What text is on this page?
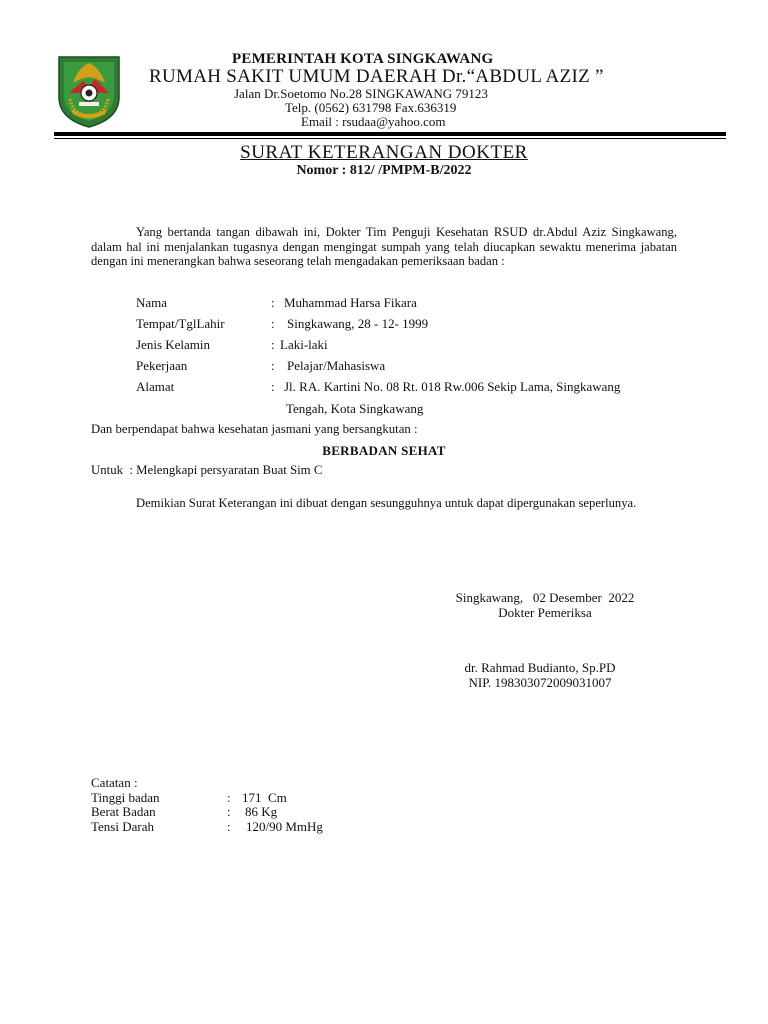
PEMERINTAH KOTA SINGKAWANG
RUMAH SAKIT UMUM DAERAH Dr.“ABDUL AZIZ ”
Jalan Dr.Soetomo No.28 SINGKAWANG 79123
Telp. (0562) 631798 Fax.636319
Email : rsudaa@yahoo.com
SURAT KETERANGAN DOKTER
Nomor : 812/ /PMPM-B/2022
Yang bertanda tangan dibawah ini, Dokter Tim Penguji Kesehatan RSUD dr.Abdul Aziz Singkawang, dalam hal ini menjalankan tugasnya dengan mengingat sumpah yang telah diucapkan sewaktu menerima jabatan dengan ini menerangkan bahwa seseorang telah mengadakan pemeriksaan badan :
Nama	: Muhammad Harsa Fikara
Tempat/TglLahir	: Singkawang, 28 - 12- 1999
Jenis Kelamin	: Laki-laki
Pekerjaan	: Pelajar/Mahasiswa
Alamat	: Jl. RA. Kartini No. 08 Rt. 018 Rw.006 Sekip Lama, Singkawang
Tengah, Kota Singkawang
Dan berpendapat bahwa kesehatan jasmani yang bersangkutan :
BERBADAN SEHAT
Untuk  : Melengkapi persyaratan Buat Sim C
Demikian Surat Keterangan ini dibuat dengan sesungguhnya untuk dapat dipergunakan seperlunya.
Singkawang,   02 Desember  2022
Dokter Pemeriksa
dr. Rahmad Budianto, Sp.PD
NIP. 198303072009031007
Catatan :
Tinggi badan	: 171  Cm
Berat Badan	: 86 Kg
Tensi Darah	: 120/90 MmHg
